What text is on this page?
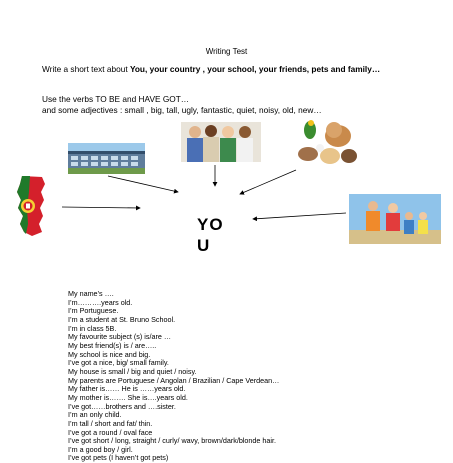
Writing Test
Write a short text about You, your country , your school, your friends, pets and family…
Use the verbs TO BE and HAVE GOT…
and some adjectives : small , big, tall, ugly, fantastic, quiet, noisy, old, new…
YO
U
My name’s ….
I’m……….years old.
I’m Portuguese.
I’m a student at St. Bruno School.
I’m in class 5B.
My favourite subject (s) is/are …
My best friend(s) is / are…..
My school is nice and big.
I’ve got a nice, big/ small family.
My house is small / big and quiet / noisy.
My parents are Portuguese / Angolan / Brazilian / Cape Verdean…
My father is…… He is ……years old.
My mother is……. She is….years old.
I’ve got……brothers and ….sister.
I’m an only child.
I’m tall / short and fat/ thin.
I’ve got a round / oval face
I’ve got short / long, straight / curly/ wavy, brown/dark/blonde hair.
I’m a good boy / girl.
I’ve got pets (I haven’t got pets)
